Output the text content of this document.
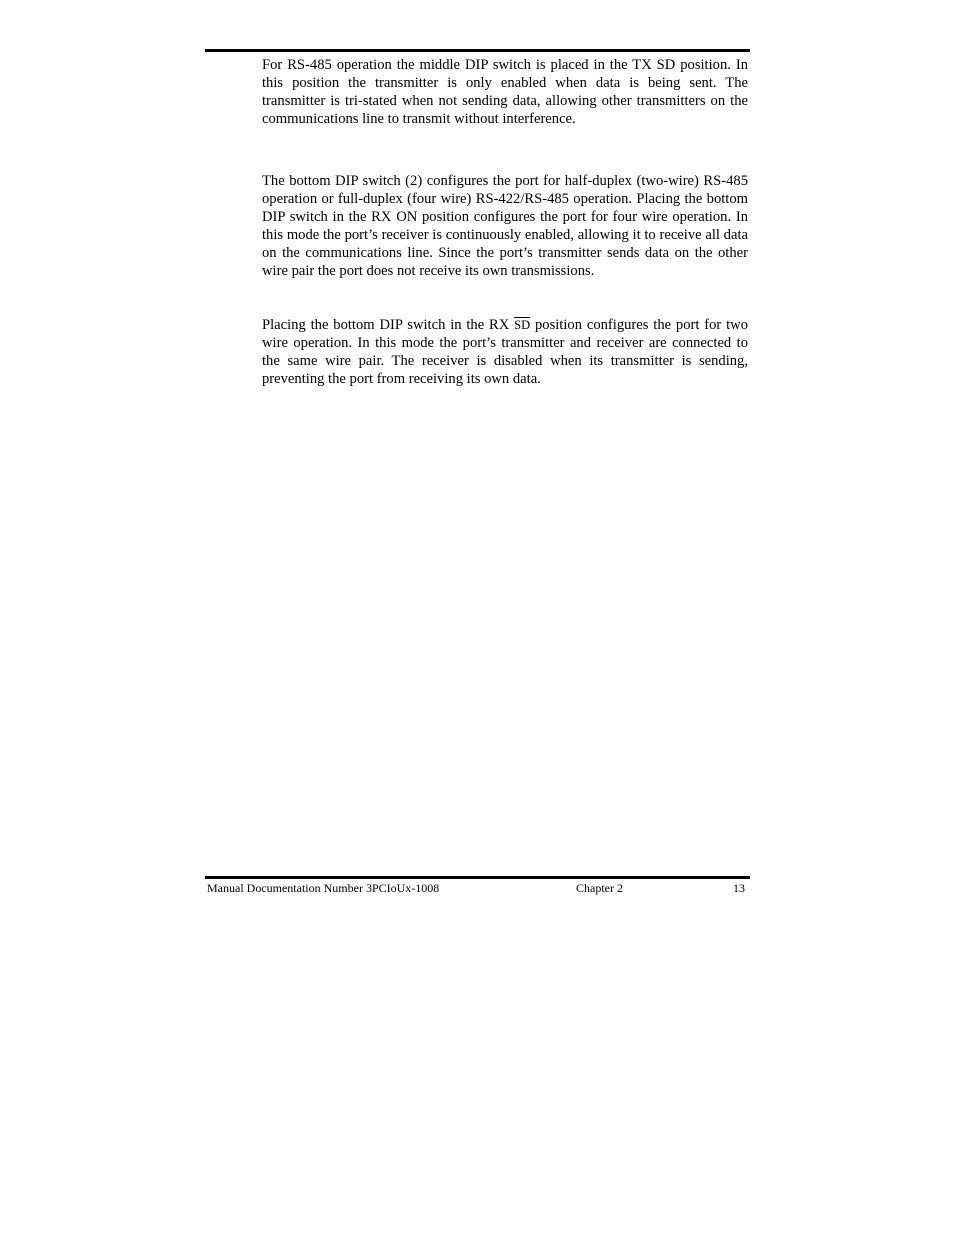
For RS-485 operation the middle DIP switch is placed in the TX SD position. In this position the transmitter is only enabled when data is being sent. The transmitter is tri-stated when not sending data, allowing other transmitters on the communications line to transmit without interference.

The bottom DIP switch (2) configures the port for half-duplex (two-wire) RS-485 operation or full-duplex (four wire) RS-422/RS-485 operation. Placing the bottom DIP switch in the RX ON position configures the port for four wire operation. In this mode the port’s receiver is continuously enabled, allowing it to receive all data on the communications line. Since the port’s transmitter sends data on the other wire pair the port does not receive its own transmissions.

Placing the bottom DIP switch in the RX $\overline{SD}$ position configures the port for two wire operation. In this mode the port’s transmitter and receiver are connected to the same wire pair. The receiver is disabled when its transmitter is sending, preventing the port from receiving its own data.

Manual Documentation Number 3PCIoUx-1008	Chapter 2	13
